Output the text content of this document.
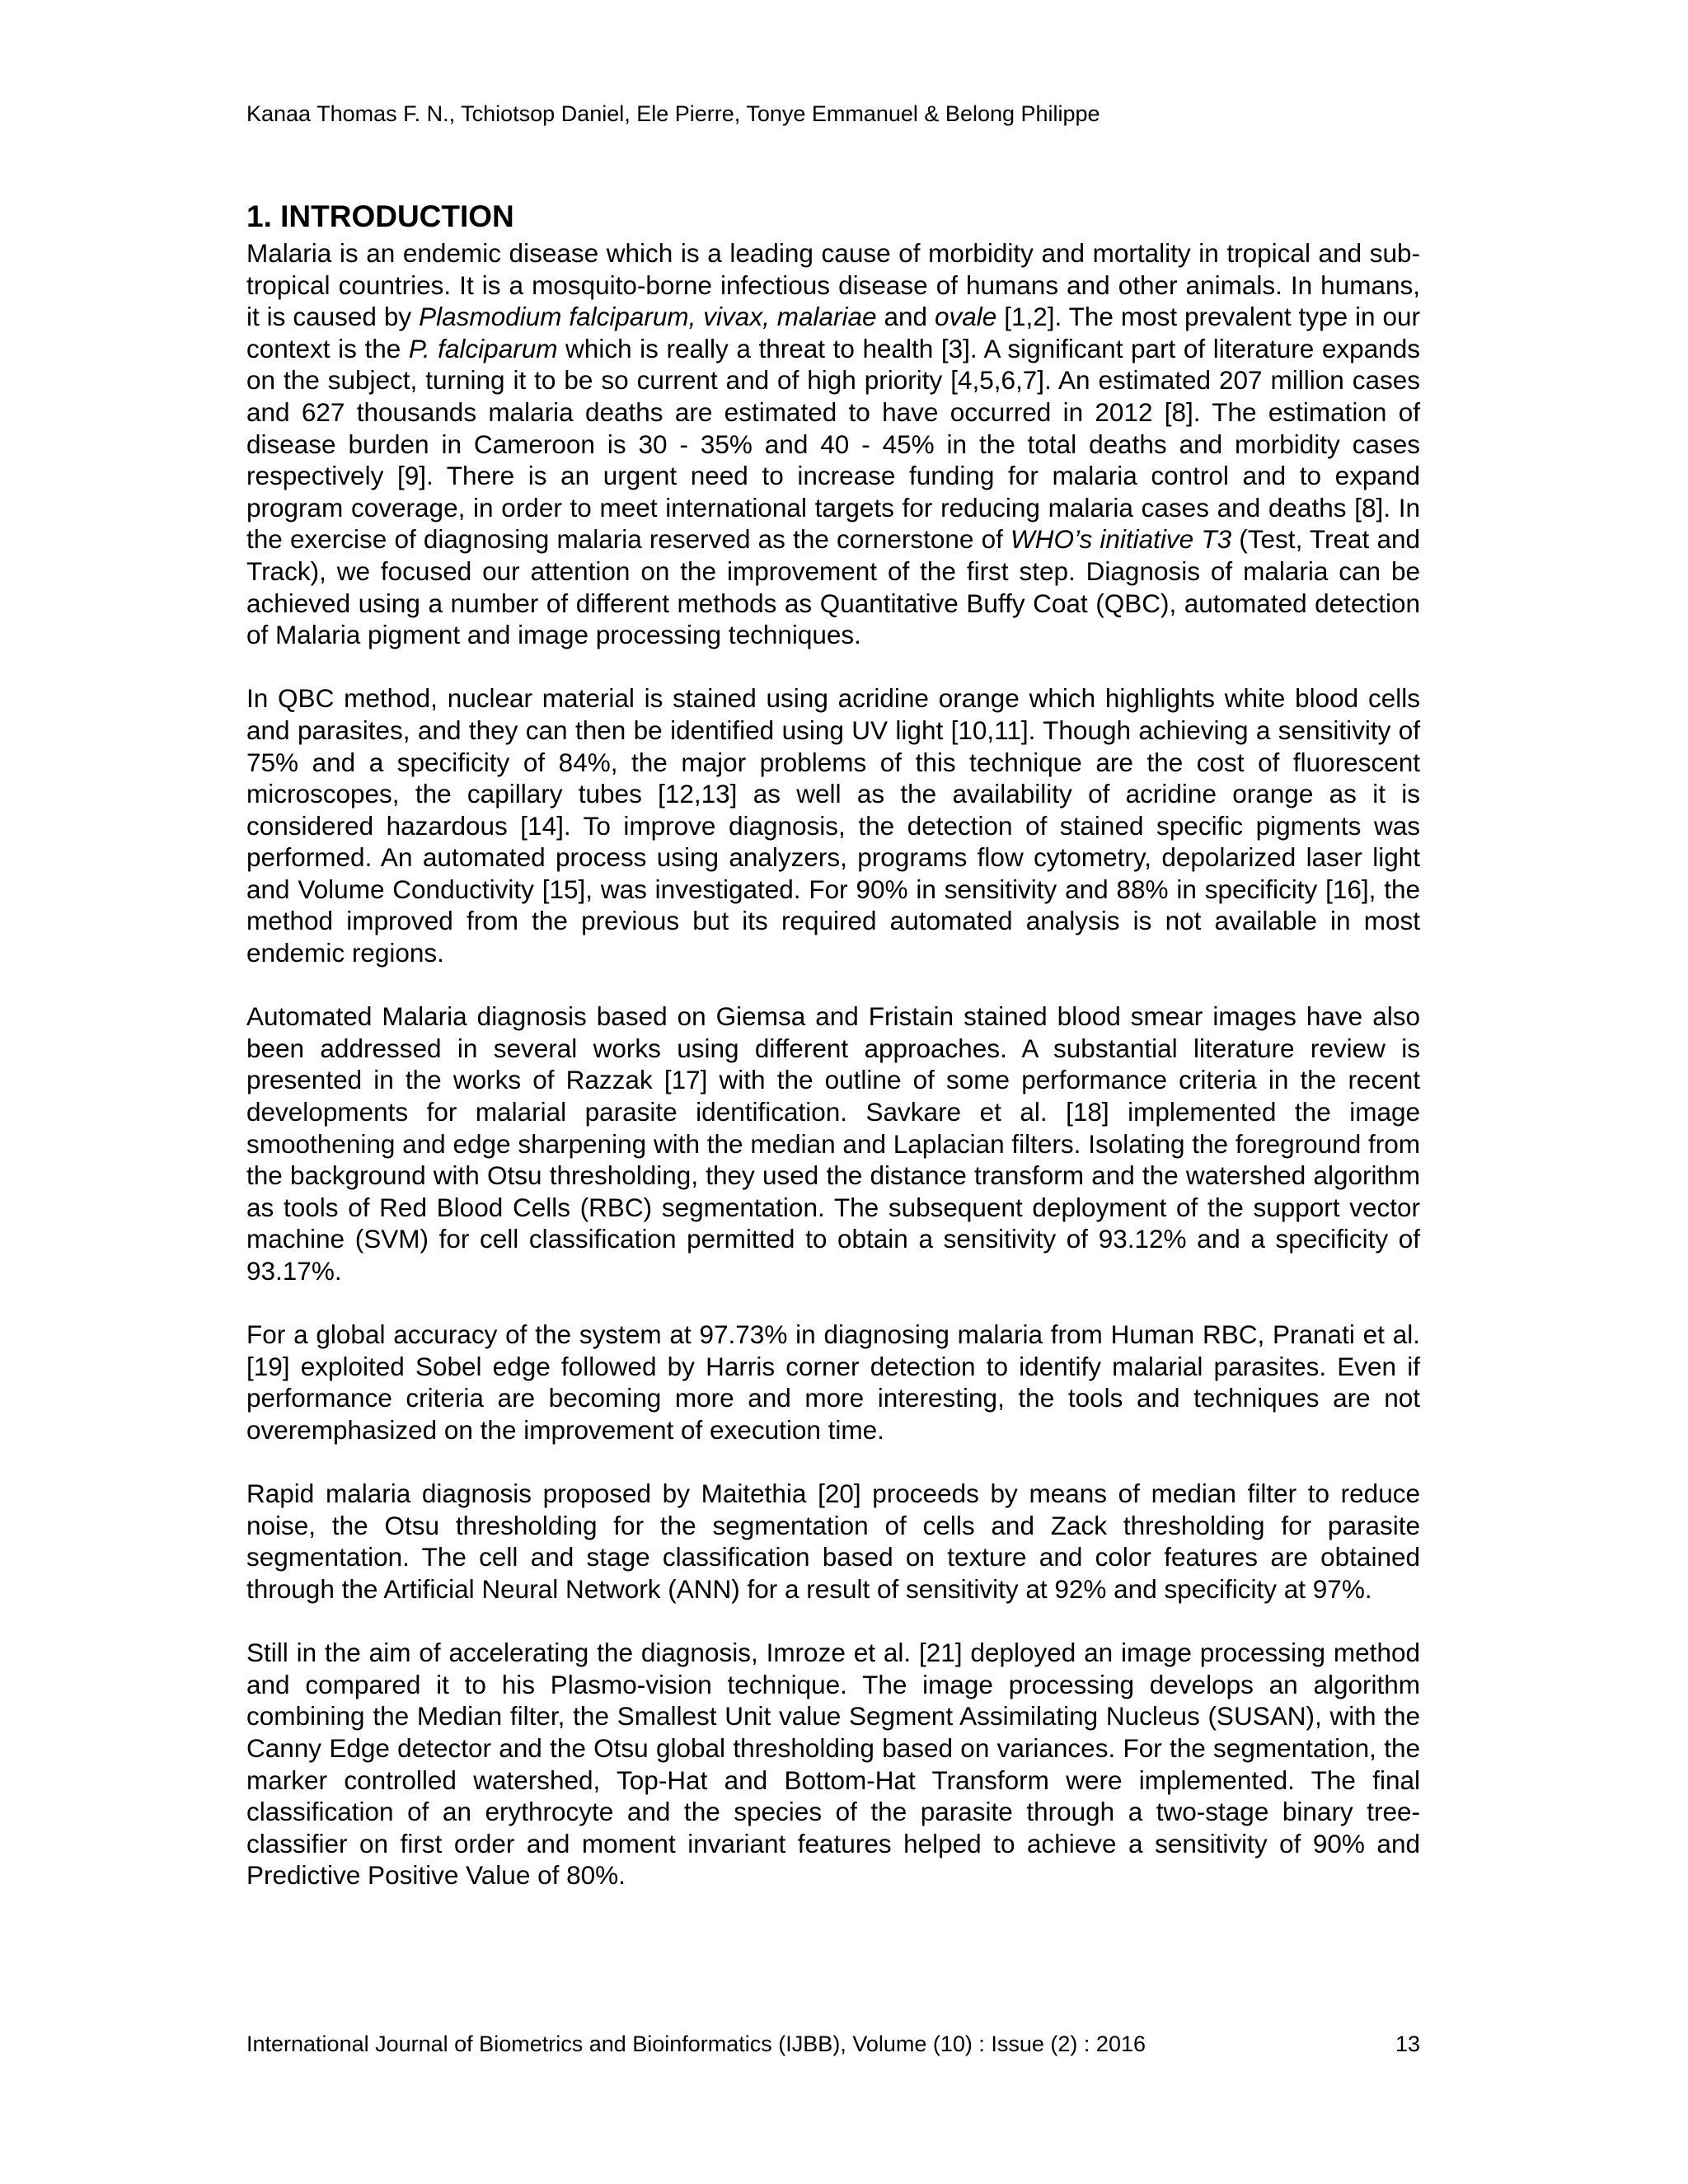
Kanaa Thomas F. N., Tchiotsop Daniel, Ele Pierre, Tonye Emmanuel & Belong Philippe
1. INTRODUCTION

Malaria is an endemic disease which is a leading cause of morbidity and mortality in tropical and sub-tropical countries. It is a mosquito-borne infectious disease of humans and other animals. In humans, it is caused by Plasmodium falciparum, vivax, malariae and ovale [1,2]. The most prevalent type in our context is the P. falciparum which is really a threat to health [3]. A significant part of literature expands on the subject, turning it to be so current and of high priority [4,5,6,7]. An estimated 207 million cases and 627 thousands malaria deaths are estimated to have occurred in 2012 [8]. The estimation of disease burden in Cameroon is 30 - 35% and 40 - 45% in the total deaths and morbidity cases respectively [9]. There is an urgent need to increase funding for malaria control and to expand program coverage, in order to meet international targets for reducing malaria cases and deaths [8]. In the exercise of diagnosing malaria reserved as the cornerstone of WHO’s initiative T3 (Test, Treat and Track), we focused our attention on the improvement of the first step. Diagnosis of malaria can be achieved using a number of different methods as Quantitative Buffy Coat (QBC), automated detection of Malaria pigment and image processing techniques.

In QBC method, nuclear material is stained using acridine orange which highlights white blood cells and parasites, and they can then be identified using UV light [10,11]. Though achieving a sensitivity of 75% and a specificity of 84%, the major problems of this technique are the cost of fluorescent microscopes, the capillary tubes [12,13] as well as the availability of acridine orange as it is considered hazardous [14]. To improve diagnosis, the detection of stained specific pigments was performed. An automated process using analyzers, programs flow cytometry, depolarized laser light and Volume Conductivity [15], was investigated. For 90% in sensitivity and 88% in specificity [16], the method improved from the previous but its required automated analysis is not available in most endemic regions.

Automated Malaria diagnosis based on Giemsa and Fristain stained blood smear images have also been addressed in several works using different approaches. A substantial literature review is presented in the works of Razzak [17] with the outline of some performance criteria in the recent developments for malarial parasite identification. Savkare et al. [18] implemented the image smoothening and edge sharpening with the median and Laplacian filters. Isolating the foreground from the background with Otsu thresholding, they used the distance transform and the watershed algorithm as tools of Red Blood Cells (RBC) segmentation. The subsequent deployment of the support vector machine (SVM) for cell classification permitted to obtain a sensitivity of 93.12% and a specificity of 93.17%.

For a global accuracy of the system at 97.73% in diagnosing malaria from Human RBC, Pranati et al. [19] exploited Sobel edge followed by Harris corner detection to identify malarial parasites. Even if performance criteria are becoming more and more interesting, the tools and techniques are not overemphasized on the improvement of execution time.

Rapid malaria diagnosis proposed by Maitethia [20] proceeds by means of median filter to reduce noise, the Otsu thresholding for the segmentation of cells and Zack thresholding for parasite segmentation. The cell and stage classification based on texture and color features are obtained through the Artificial Neural Network (ANN) for a result of sensitivity at 92% and specificity at 97%.

Still in the aim of accelerating the diagnosis, Imroze et al. [21] deployed an image processing method and compared it to his Plasmo-vision technique. The image processing develops an algorithm combining the Median filter, the Smallest Unit value Segment Assimilating Nucleus (SUSAN), with the Canny Edge detector and the Otsu global thresholding based on variances. For the segmentation, the marker controlled watershed, Top-Hat and Bottom-Hat Transform were implemented. The final classification of an erythrocyte and the species of the parasite through a two-stage binary tree-classifier on first order and moment invariant features helped to achieve a sensitivity of 90% and Predictive Positive Value of 80%.

International Journal of Biometrics and Bioinformatics (IJBB), Volume (10) : Issue (2) : 2016	13
